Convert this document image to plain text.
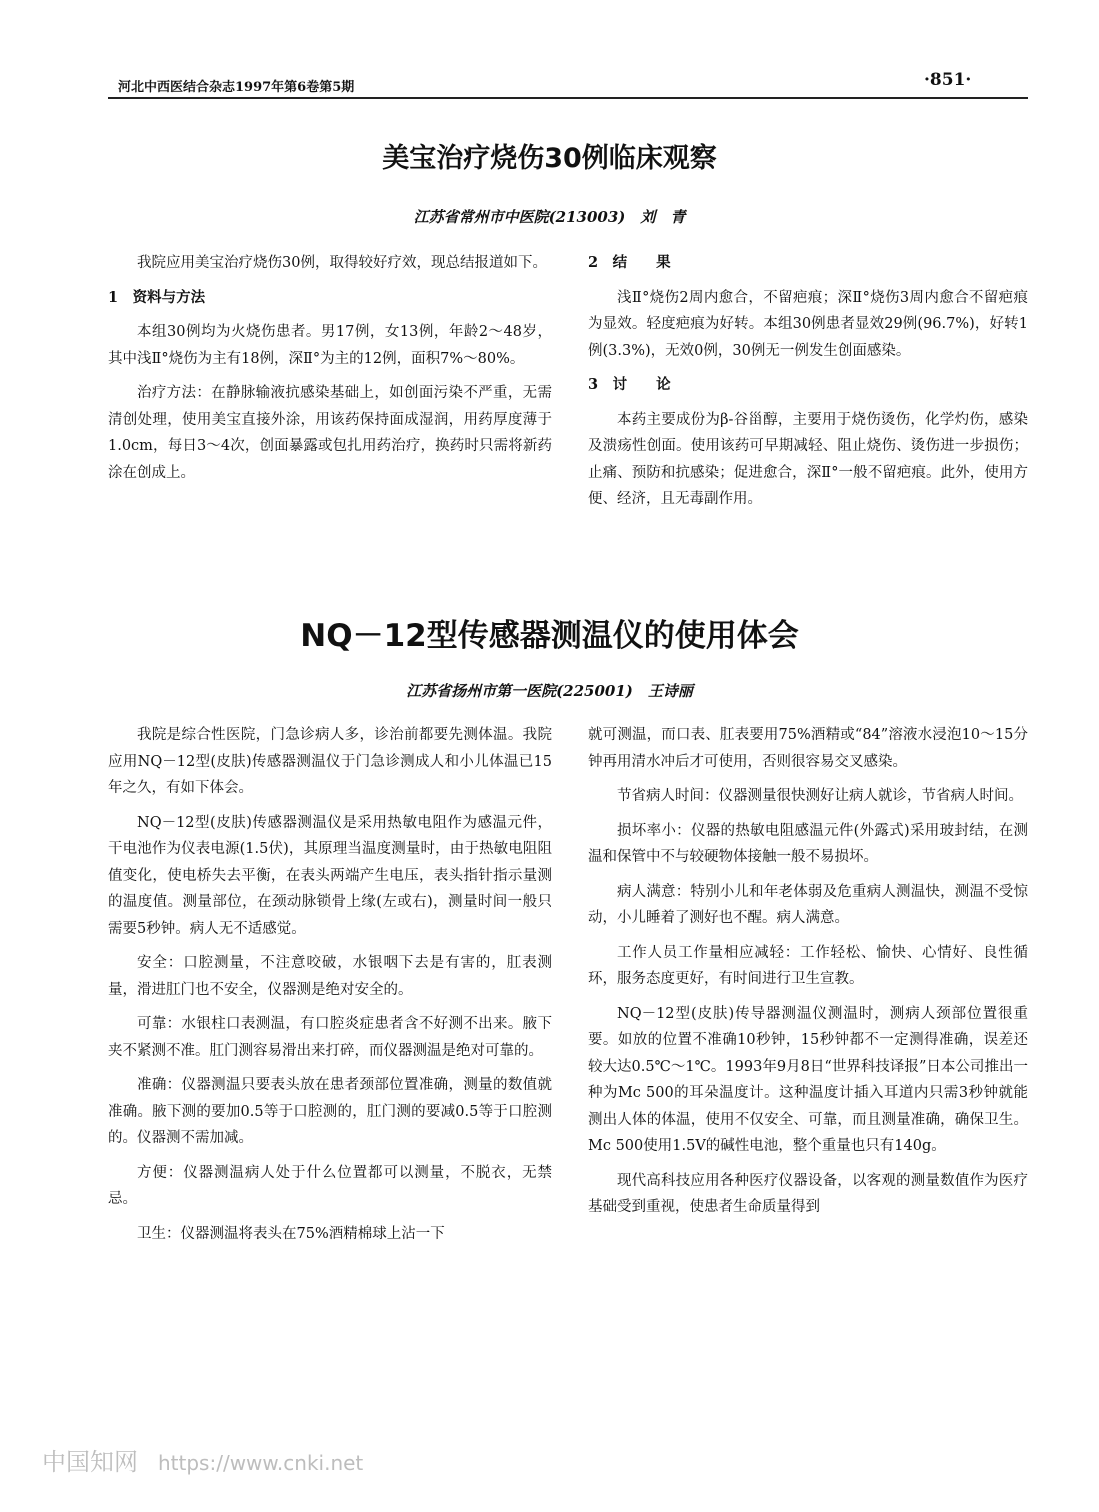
河北中西医结合杂志1997年第6卷第5期	·851·
美宝治疗烧伤30例临床观察
江苏省常州市中医院(213003)　刘　青

我院应用美宝治疗烧伤30例，取得较好疗效，现总结报道如下。

1　资料与方法

本组30例均为火烧伤患者。男17例，女13例，年龄2～48岁，其中浅Ⅱ°烧伤为主有18例，深Ⅱ°为主的12例，面积7%～80%。

治疗方法：在静脉输液抗感染基础上，如创面污染不严重，无需清创处理，使用美宝直接外涂，用该药保持面成湿润，用药厚度薄于1.0cm，每日3～4次，创面暴露或包扎用药治疗，换药时只需将新药涂在创成上。

2　结　　果

浅Ⅱ°烧伤2周内愈合，不留疤痕；深Ⅱ°烧伤3周内愈合不留疤痕为显效。轻度疤痕为好转。本组30例患者显效29例(96.7%)，好转1例(3.3%)，无效0例，30例无一例发生创面感染。

3　讨　　论

本药主要成份为β-谷甾醇，主要用于烧伤烫伤，化学灼伤，感染及溃疡性创面。使用该药可早期减轻、阻止烧伤、烫伤进一步损伤；止痛、预防和抗感染；促进愈合，深Ⅱ°一般不留疤痕。此外，使用方便、经济，且无毒副作用。

NQ－12型传感器测温仪的使用体会
江苏省扬州市第一医院(225001)　王诗丽

我院是综合性医院，门急诊病人多，诊治前都要先测体温。我院应用NQ－12型(皮肤)传感器测温仪于门急诊测成人和小儿体温已15年之久，有如下体会。

NQ－12型(皮肤)传感器测温仪是采用热敏电阻作为感温元件，干电池作为仪表电源(1.5伏)，其原理当温度测量时，由于热敏电阻阻值变化，使电桥失去平衡，在表头两端产生电压，表头指针指示量测的温度值。测量部位，在颈动脉锁骨上缘(左或右)，测量时间一般只需要5秒钟。病人无不适感觉。

安全：口腔测量，不注意咬破，水银咽下去是有害的，肛表测量，滑进肛门也不安全，仪器测是绝对安全的。

可靠：水银柱口表测温，有口腔炎症患者含不好测不出来。腋下夹不紧测不准。肛门测容易滑出来打碎，而仪器测温是绝对可靠的。

准确：仪器测温只要表头放在患者颈部位置准确，测量的数值就准确。腋下测的要加0.5等于口腔测的，肛门测的要减0.5等于口腔测的。仪器测不需加减。

方便：仪器测温病人处于什么位置都可以测量，不脱衣，无禁忌。

卫生：仪器测温将表头在75%酒精棉球上沾一下

就可测温，而口表、肛表要用75%酒精或“84”溶液水浸泡10～15分钟再用清水冲后才可使用，否则很容易交叉感染。

节省病人时间：仪器测量很快测好让病人就诊，节省病人时间。

损坏率小：仪器的热敏电阻感温元件(外露式)采用玻封结，在测温和保管中不与较硬物体接触一般不易损坏。

病人满意：特别小儿和年老体弱及危重病人测温快，测温不受惊动，小儿睡着了测好也不醒。病人满意。

工作人员工作量相应减轻：工作轻松、愉快、心情好、良性循环，服务态度更好，有时间进行卫生宣教。

NQ－12型(皮肤)传导器测温仪测温时，测病人颈部位置很重要。如放的位置不准确10秒钟，15秒钟都不一定测得准确，误差还较大达0.5℃～1℃。1993年9月8日“世界科技译报”日本公司推出一种为Mc 500的耳朵温度计。这种温度计插入耳道内只需3秒钟就能测出人体的体温，使用不仅安全、可靠，而且测量准确，确保卫生。Mc 500使用1.5V的碱性电池，整个重量也只有140g。

现代高科技应用各种医疗仪器设备，以客观的测量数值作为医疗基础受到重视，使患者生命质量得到

中国知网 https://www.cnki.net
